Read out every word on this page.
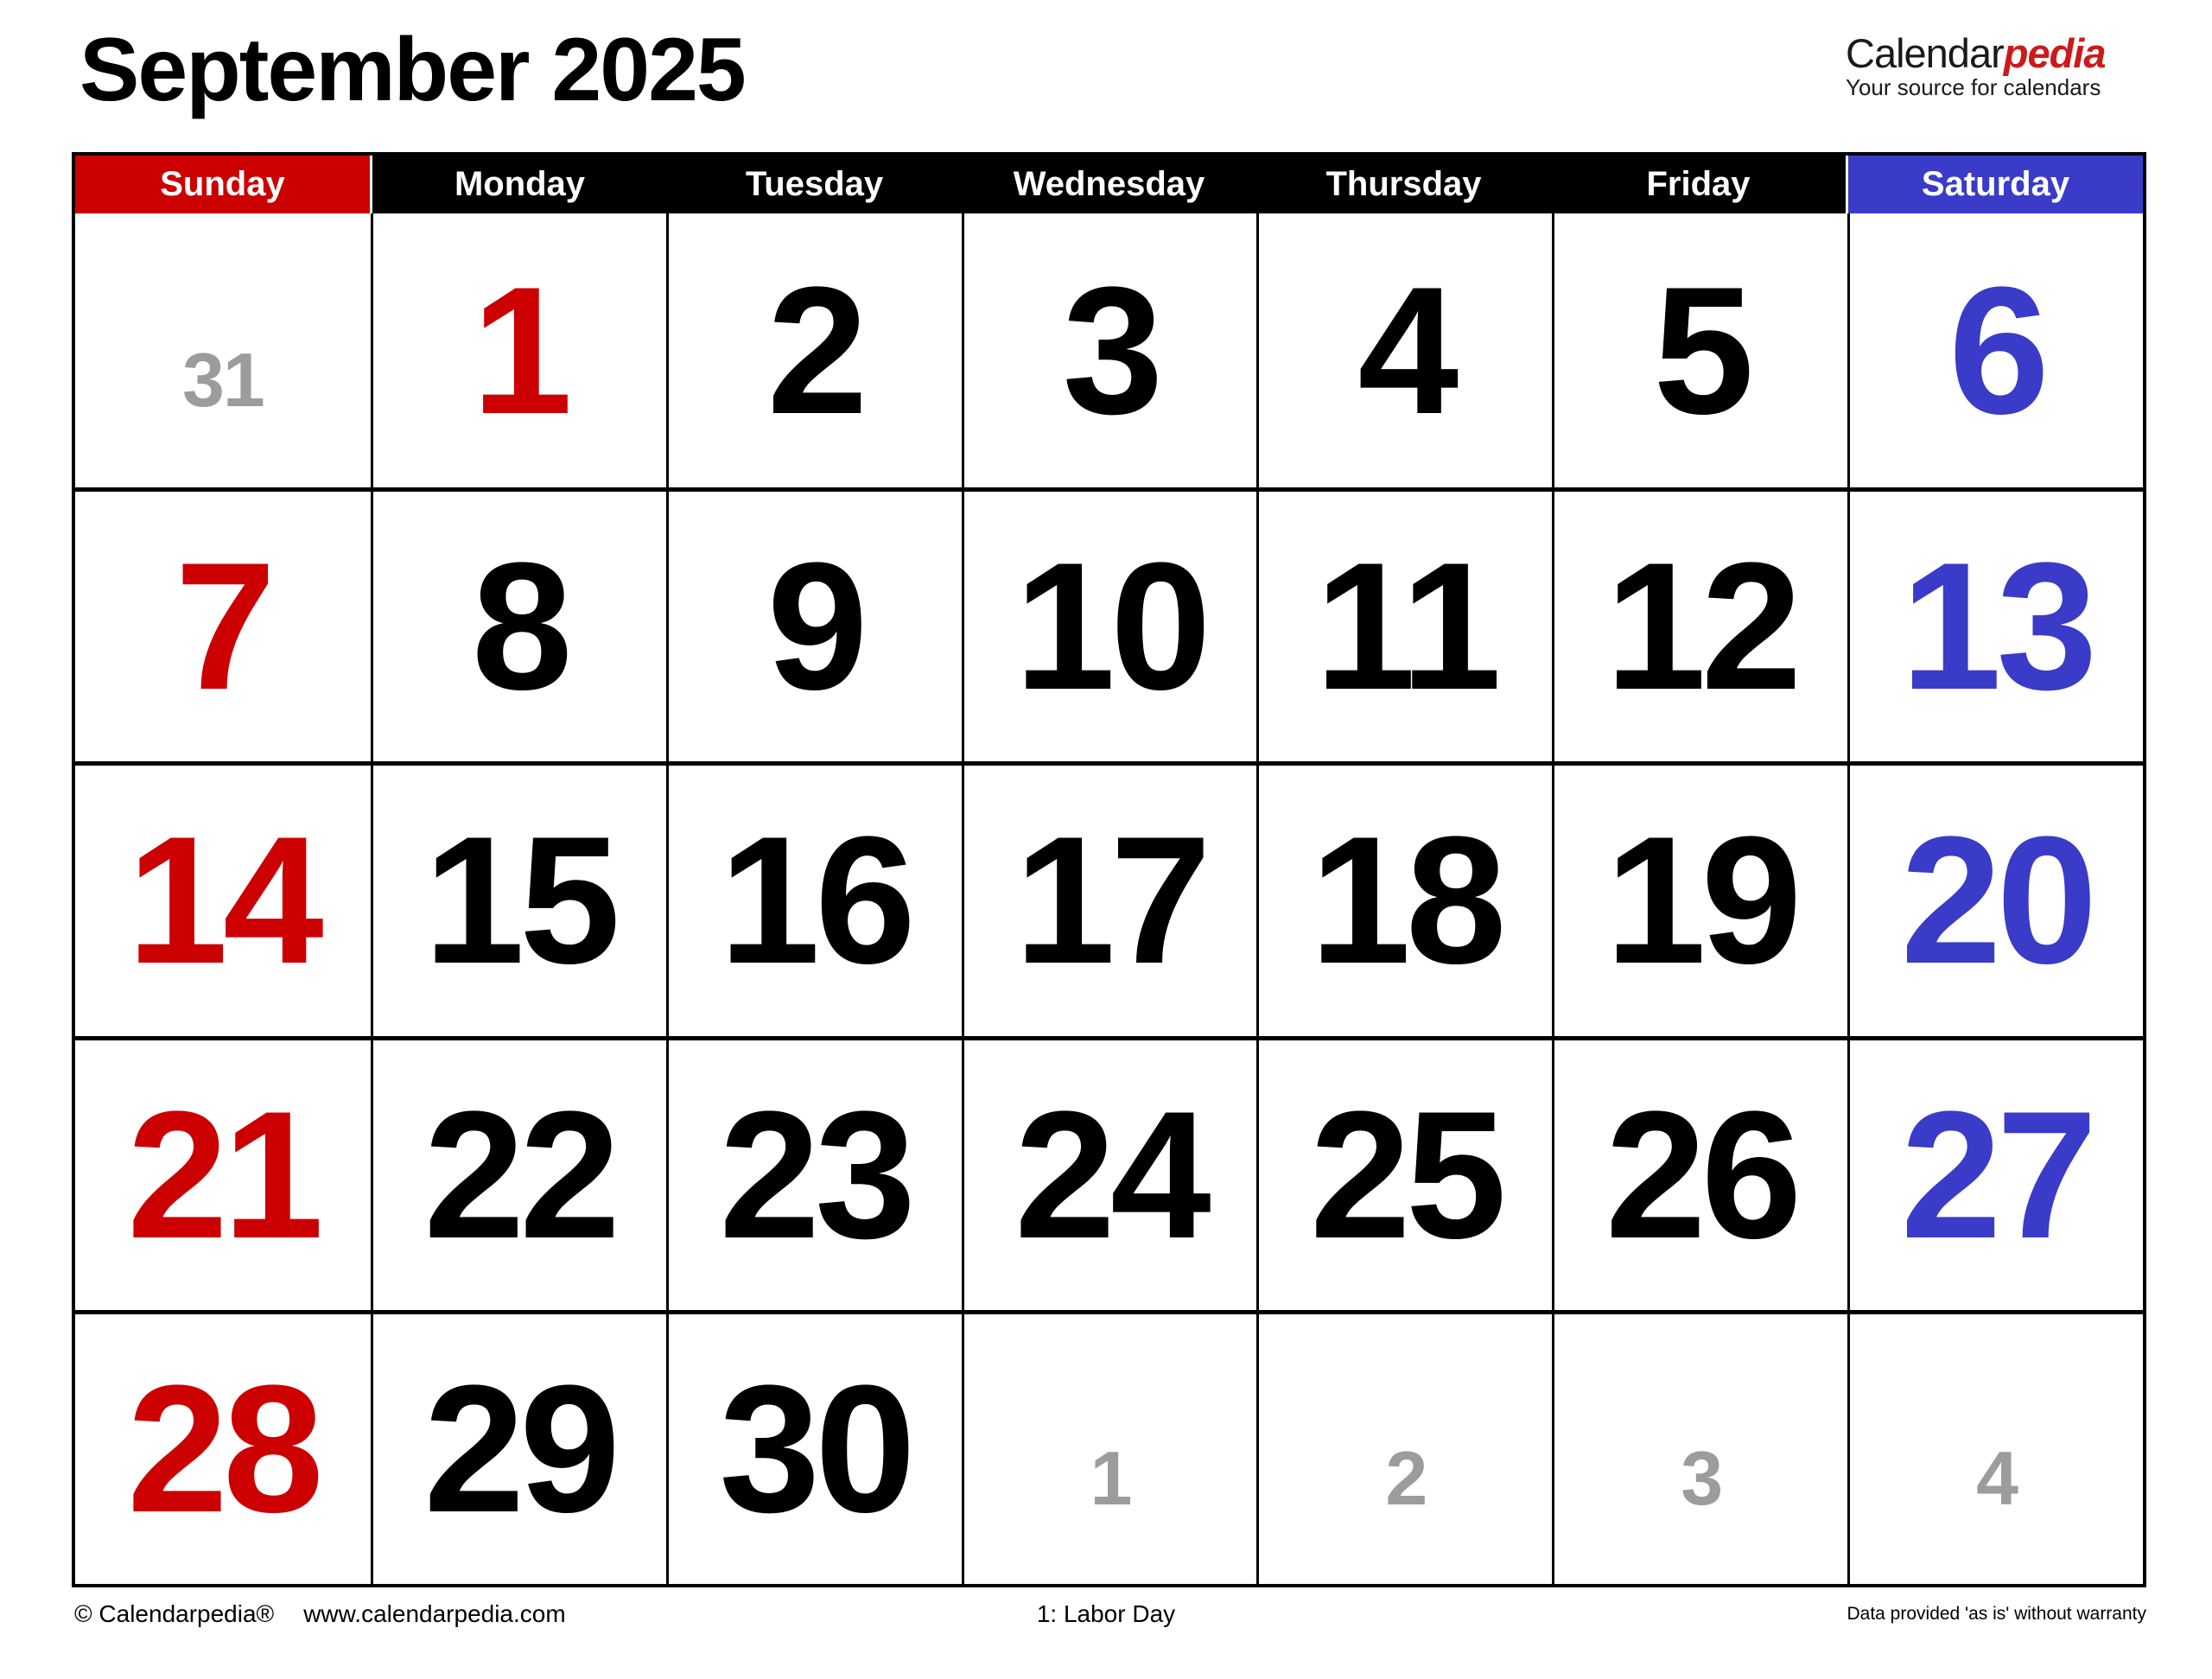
September 2025	Calendarpedia
Your source for calendars
Sunday	Monday	Tuesday	Wednesday	Thursday	Friday	Saturday
31 1 2 3 4 5 6
7 8 9 10 11 12 13
14 15 16 17 18 19 20
21 22 23 24 25 26 27
28 29 30 1	2	3	4
© Calendarpedia® www.calendarpedia.com	1: Labor Day	Data provided 'as is' without warranty
